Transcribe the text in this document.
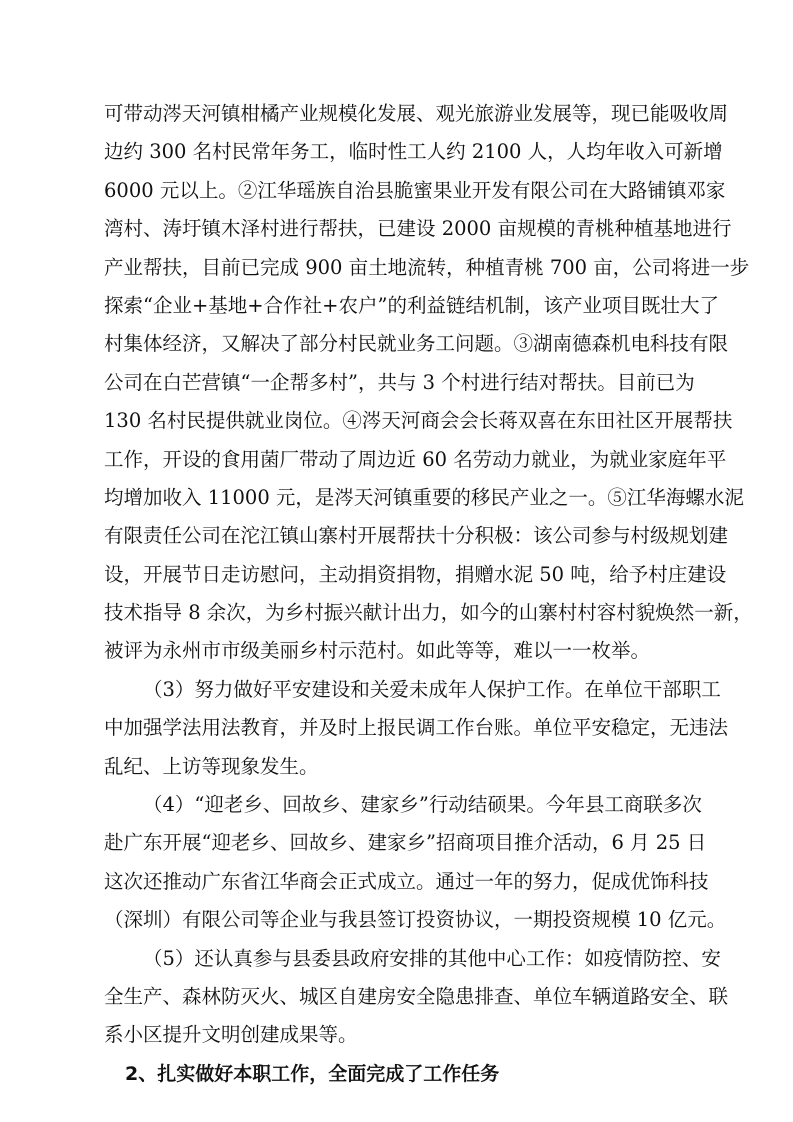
可带动涔天河镇柑橘产业规模化发展、观光旅游业发展等，现已能吸收周
边约 300 名村民常年务工，临时性工人约 2100 人，人均年收入可新增
6000 元以上。②江华瑶族自治县脆蜜果业开发有限公司在大路铺镇邓家
湾村、涛圩镇木泽村进行帮扶，已建设 2000 亩规模的青桃种植基地进行
产业帮扶，目前已完成 900 亩土地流转，种植青桃 700 亩，公司将进一步
探索“企业+基地+合作社+农户”的利益链结机制，该产业项目既壮大了
村集体经济，又解决了部分村民就业务工问题。③湖南德森机电科技有限
公司在白芒营镇“一企帮多村”，共与 3 个村进行结对帮扶。目前已为
130 名村民提供就业岗位。④涔天河商会会长蒋双喜在东田社区开展帮扶
工作，开设的食用菌厂带动了周边近 60 名劳动力就业，为就业家庭年平
均增加收入 11000 元，是涔天河镇重要的移民产业之一。⑤江华海螺水泥
有限责任公司在沱江镇山寨村开展帮扶十分积极：该公司参与村级规划建
设，开展节日走访慰问，主动捐资捐物，捐赠水泥 50 吨，给予村庄建设
技术指导 8 余次，为乡村振兴献计出力，如今的山寨村村容村貌焕然一新，
被评为永州市市级美丽乡村示范村。如此等等，难以一一枚举。
（3）努力做好平安建设和关爱未成年人保护工作。在单位干部职工
中加强学法用法教育，并及时上报民调工作台账。单位平安稳定，无违法
乱纪、上访等现象发生。
（4）“迎老乡、回故乡、建家乡”行动结硕果。今年县工商联多次
赴广东开展“迎老乡、回故乡、建家乡”招商项目推介活动，6 月 25 日
这次还推动广东省江华商会正式成立。通过一年的努力，促成优饰科技
（深圳）有限公司等企业与我县签订投资协议，一期投资规模 10 亿元。
（5）还认真参与县委县政府安排的其他中心工作：如疫情防控、安
全生产、森林防灭火、城区自建房安全隐患排查、单位车辆道路安全、联
系小区提升文明创建成果等。
2、扎实做好本职工作，全面完成了工作任务
